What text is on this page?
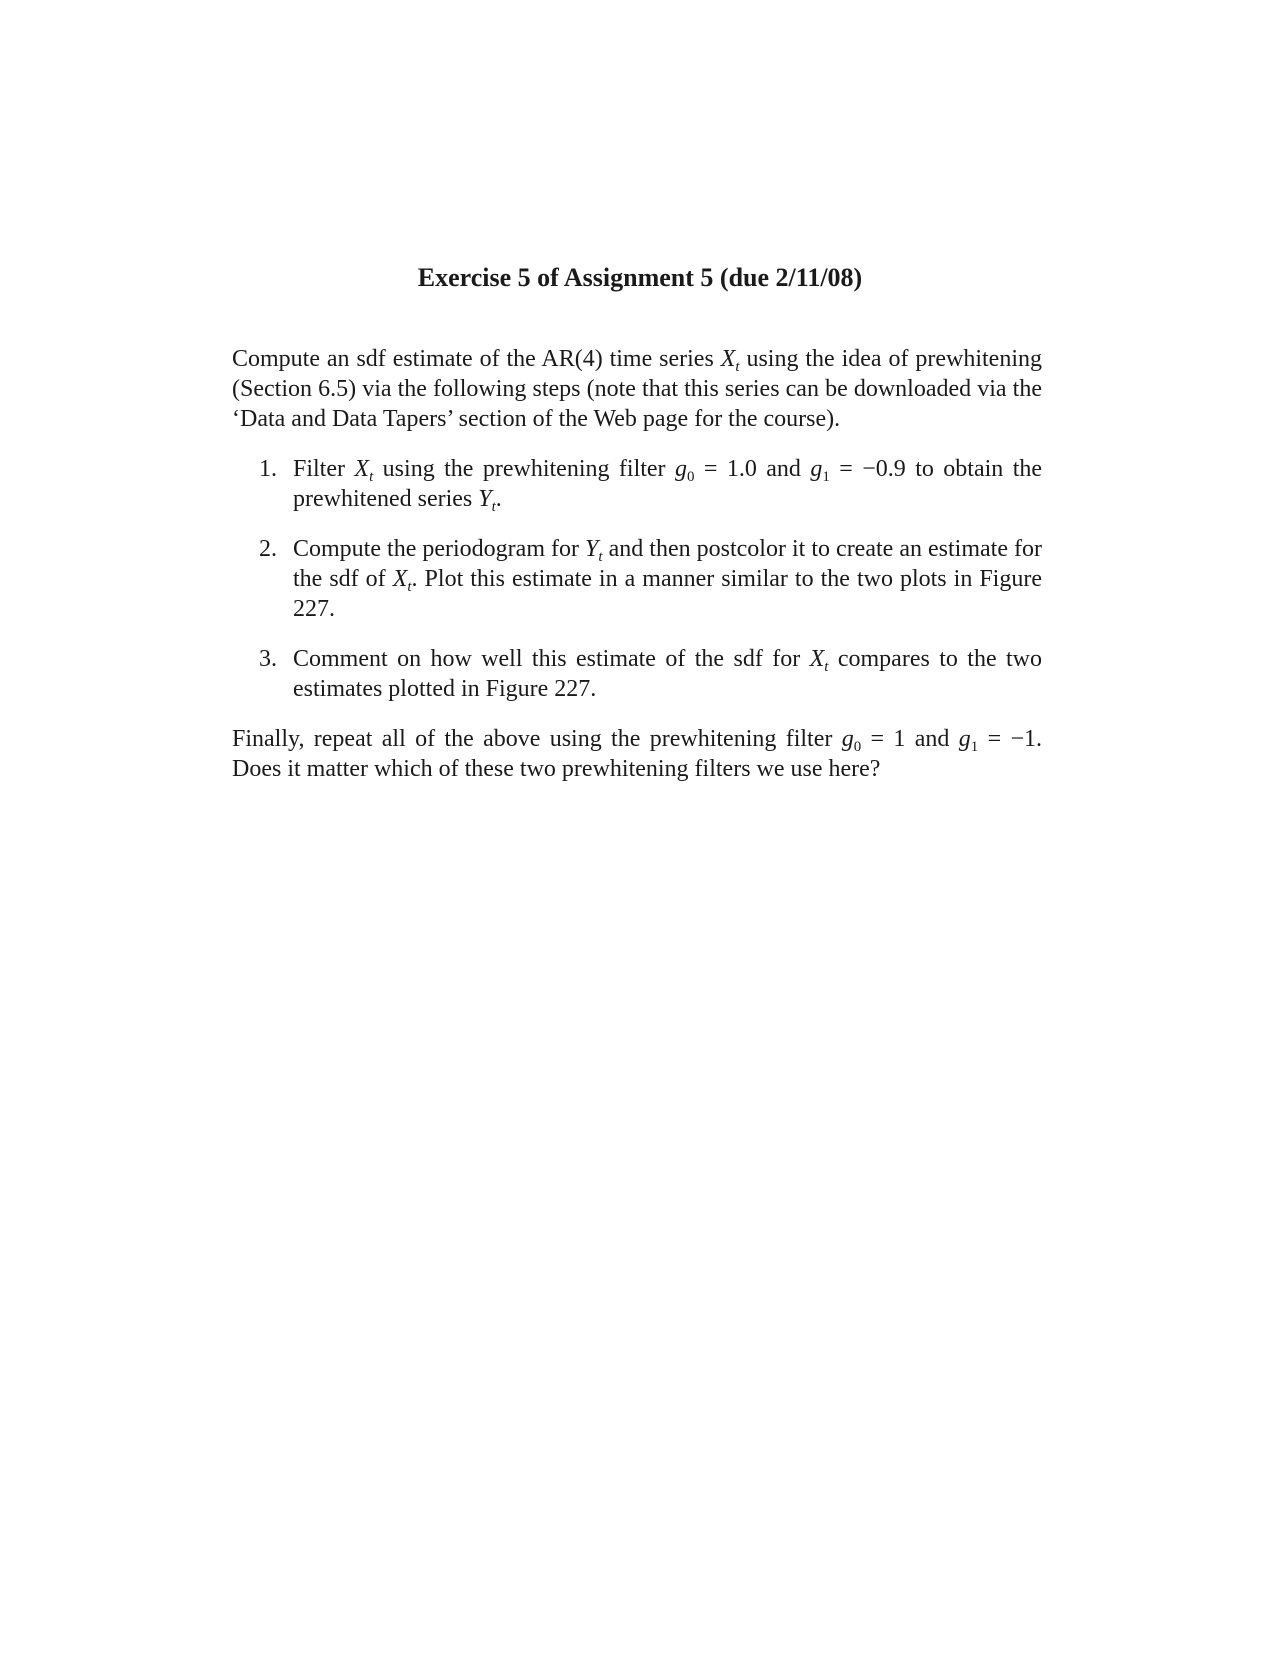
Exercise 5 of Assignment 5 (due 2/11/08)

Compute an sdf estimate of the AR(4) time series $X_t$ using the idea of prewhitening (Section 6.5) via the following steps (note that this series can be downloaded via the ‘Data and Data Tapers’ section of the Web page for the course).

1. Filter $X_t$ using the prewhitening filter $g_0 = 1.0$ and $g_1 = -0.9$ to obtain the prewhitened series $Y_t$.
2. Compute the periodogram for $Y_t$ and then postcolor it to create an estimate for the sdf of $X_t$. Plot this estimate in a manner similar to the two plots in Figure 227.
3. Comment on how well this estimate of the sdf for $X_t$ compares to the two estimates plotted in Figure 227.

Finally, repeat all of the above using the prewhitening filter $g_0 = 1$ and $g_1 = -1$. Does it matter which of these two prewhitening filters we use here?
